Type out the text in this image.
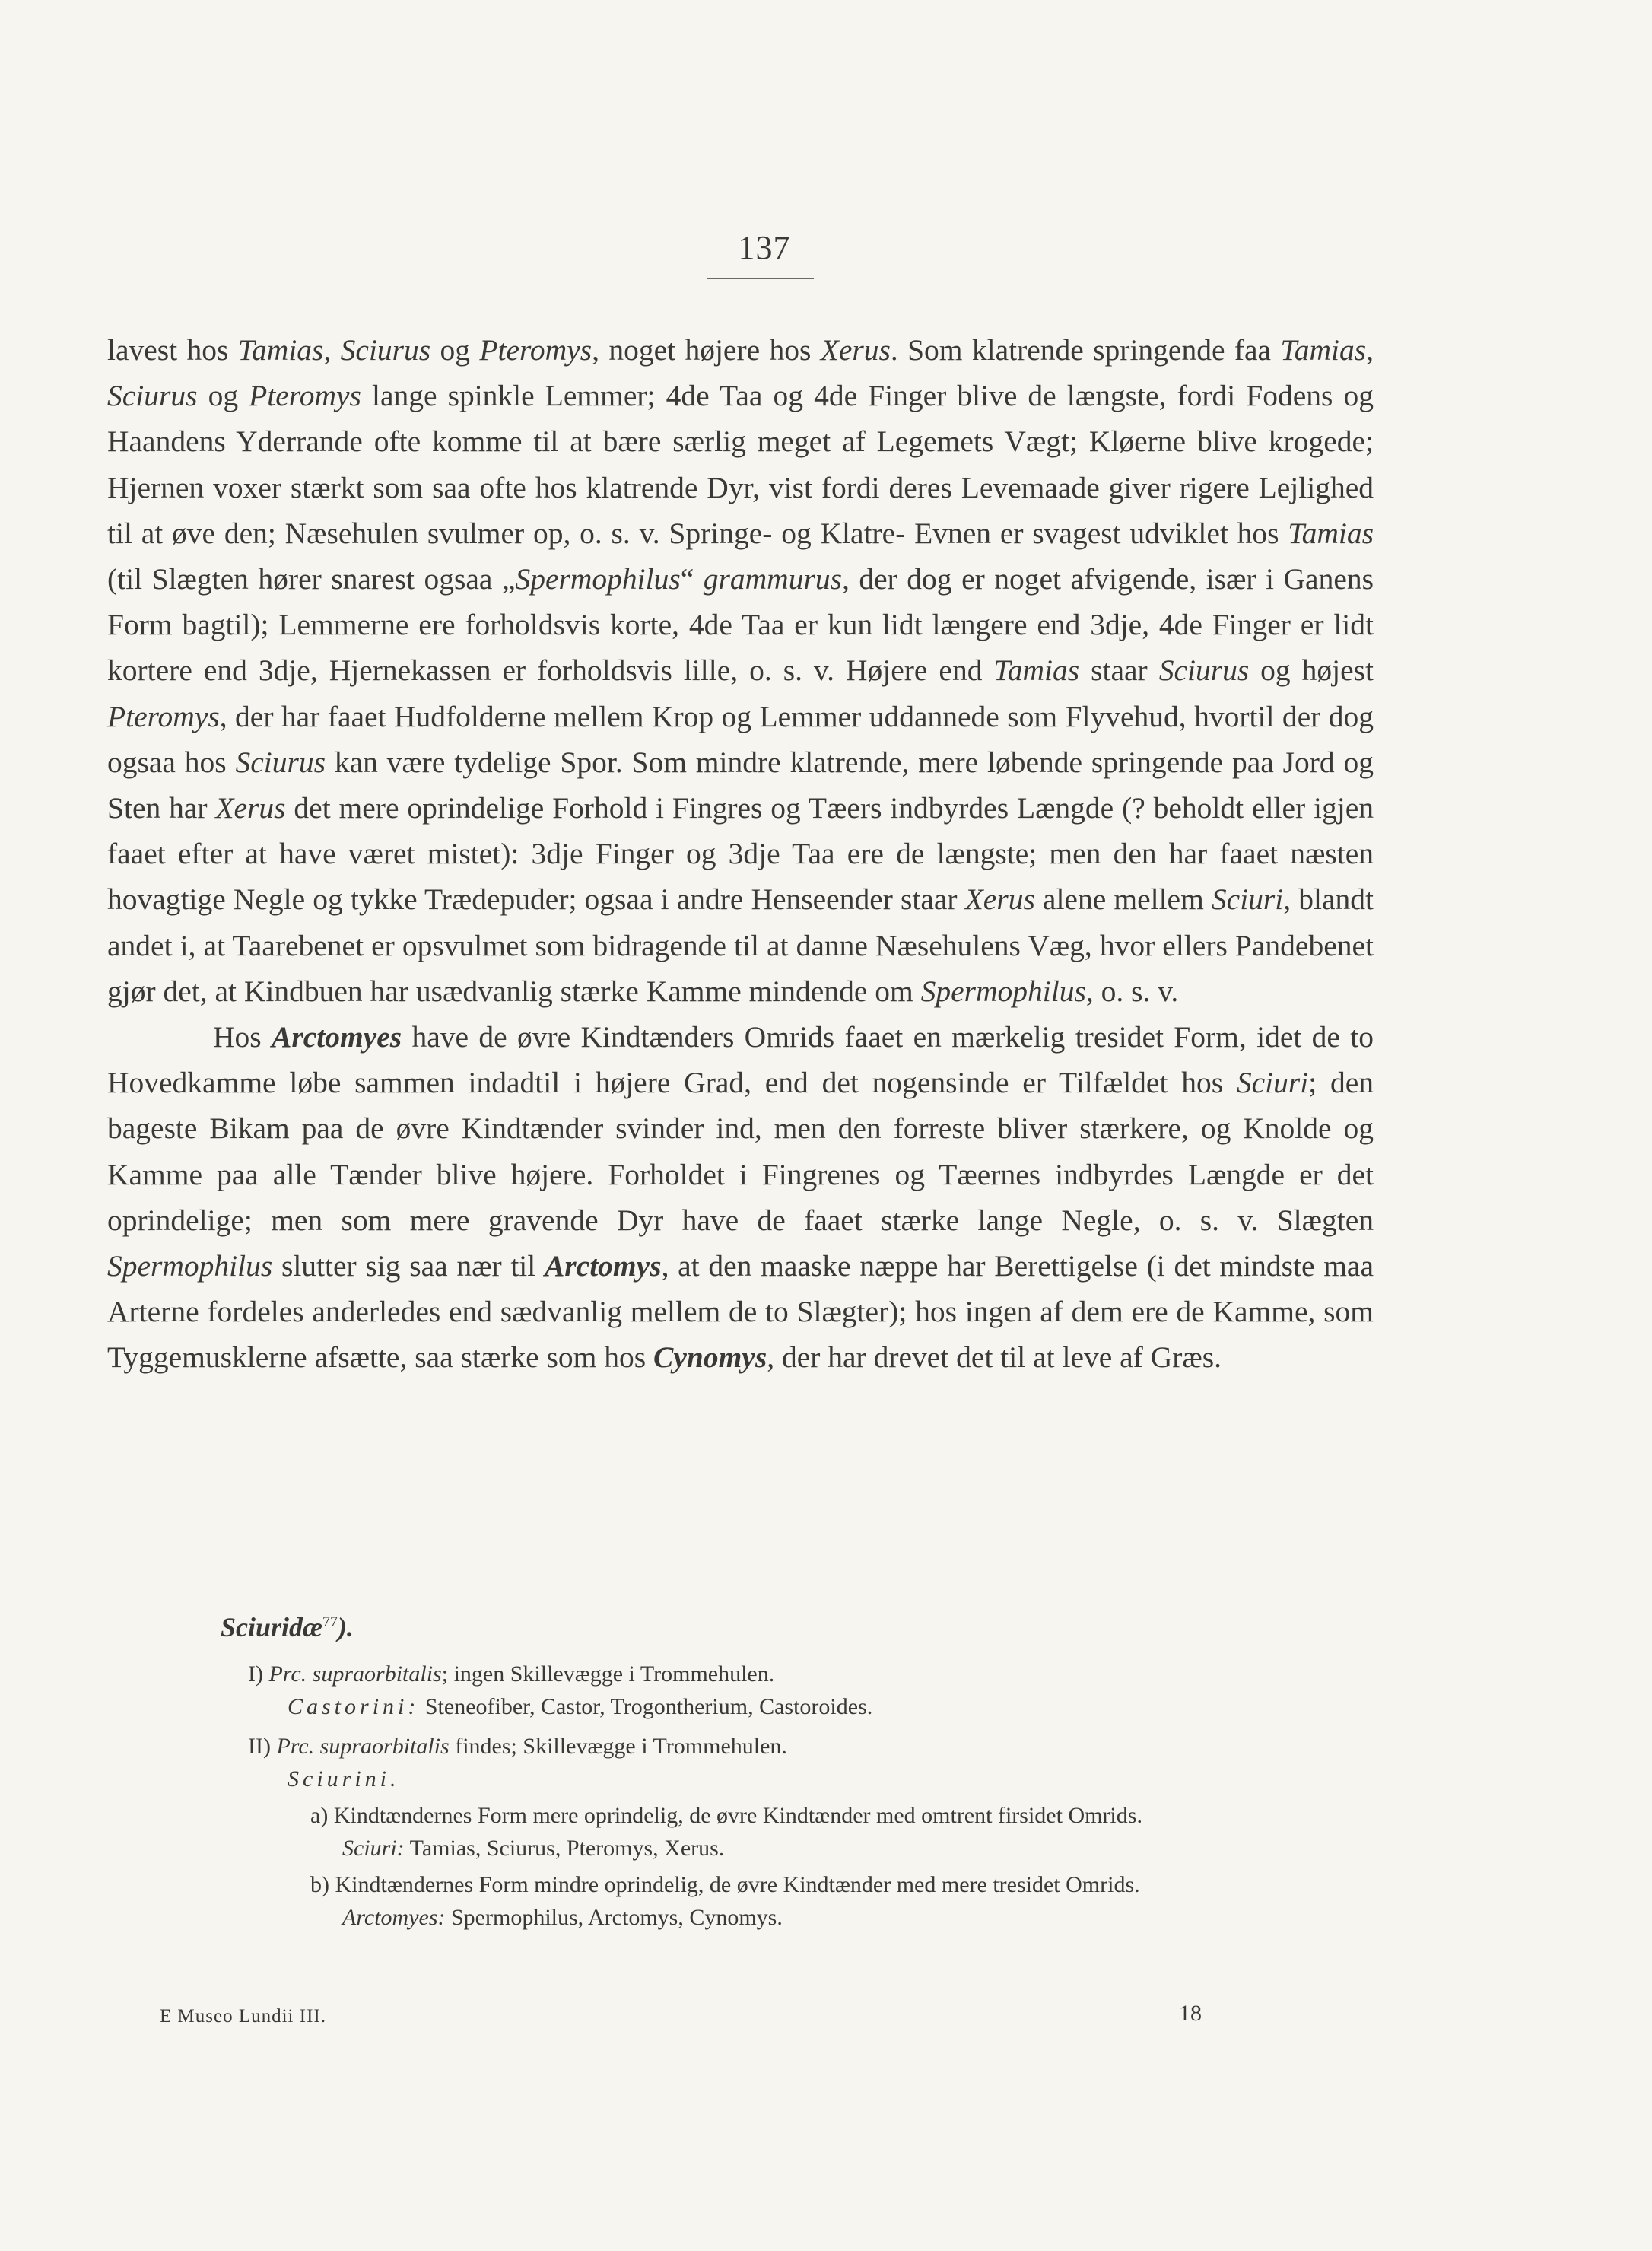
137

lavest hos Tamias, Sciurus og Pteromys, noget højere hos Xerus. Som klatrende springende faa Tamias, Sciurus og Pteromys lange spinkle Lemmer; 4de Taa og 4de Finger blive de længste, fordi Fodens og Haandens Yderrande ofte komme til at bære særlig meget af Legemets Vægt; Kløerne blive krogede; Hjernen voxer stærkt som saa ofte hos klatrende Dyr, vist fordi deres Levemaade giver rigere Lejlighed til at øve den; Næsehulen svulmer op, o. s. v. Springe- og Klatre- Evnen er svagest udviklet hos Tamias (til Slægten hører snarest ogsaa „Spermophilus“ grammurus, der dog er noget afvigende, især i Ganens Form bagtil); Lemmerne ere forholdsvis korte, 4de Taa er kun lidt længere end 3dje, 4de Finger er lidt kortere end 3dje, Hjernekassen er forholdsvis lille, o. s. v. Højere end Tamias staar Sciurus og højest Pteromys, der har faaet Hudfolderne mellem Krop og Lemmer uddannede som Flyvehud, hvortil der dog ogsaa hos Sciurus kan være tydelige Spor. Som mindre klatrende, mere løbende springende paa Jord og Sten har Xerus det mere oprindelige Forhold i Fingres og Tæers indbyrdes Længde (? beholdt eller igjen faaet efter at have været mistet): 3dje Finger og 3dje Taa ere de længste; men den har faaet næsten hovagtige Negle og tykke Trædepuder; ogsaa i andre Henseender staar Xerus alene mellem Sciuri, blandt andet i, at Taarebenet er opsvulmet som bidragende til at danne Næsehulens Væg, hvor ellers Pandebenet gjør det, at Kindbuen har usædvanlig stærke Kamme mindende om Spermophilus, o. s. v.

Hos Arctomyes have de øvre Kindtænders Omrids faaet en mærkelig tresidet Form, idet de to Hovedkamme løbe sammen indadtil i højere Grad, end det nogensinde er Tilfældet hos Sciuri; den bageste Bikam paa de øvre Kindtænder svinder ind, men den forreste bliver stærkere, og Knolde og Kamme paa alle Tænder blive højere. Forholdet i Fingrenes og Tæernes indbyrdes Længde er det oprindelige; men som mere gravende Dyr have de faaet stærke lange Negle, o. s. v. Slægten Spermophilus slutter sig saa nær til Arctomys, at den maaske næppe har Berettigelse (i det mindste maa Arterne fordeles anderledes end sædvanlig mellem de to Slægter); hos ingen af dem ere de Kamme, som Tyggemusklerne afsætte, saa stærke som hos Cynomys, der har drevet det til at leve af Græs.

Sciuridæ$^{77}$).
I) Prc. supraorbitalis; ingen Skillevægge i Trommehulen.
Castorini: Steneofiber, Castor, Trogontherium, Castoroides.
II) Prc. supraorbitalis findes; Skillevægge i Trommehulen.
Sciurini.
a) Kindtændernes Form mere oprindelig, de øvre Kindtænder med omtrent firsidet Omrids.
Sciuri: Tamias, Sciurus, Pteromys, Xerus.
b) Kindtændernes Form mindre oprindelig, de øvre Kindtænder med mere tresidet Omrids.
Arctomyes: Spermophilus, Arctomys, Cynomys.
E Museo Lundii III.	18
